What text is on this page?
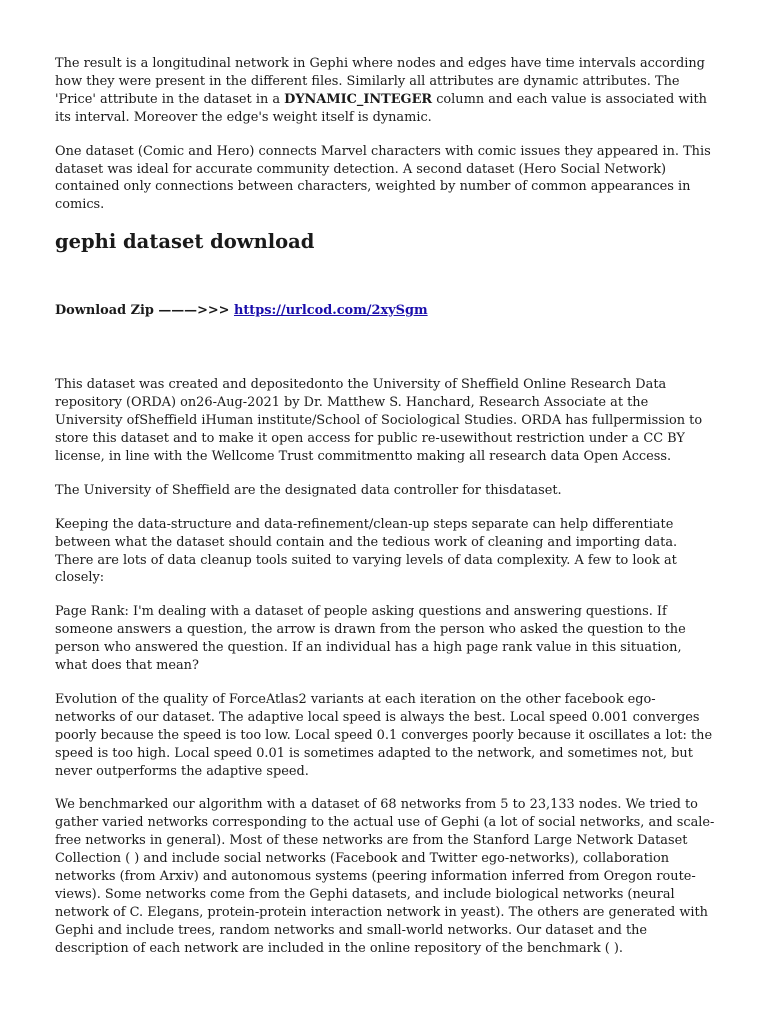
The result is a longitudinal network in Gephi where nodes and edges have time intervals according how they were present in the different files. Similarly all attributes are dynamic attributes. The 'Price' attribute in the dataset in a DYNAMIC_INTEGER column and each value is associated with its interval. Moreover the edge's weight itself is dynamic.

One dataset (Comic and Hero) connects Marvel characters with comic issues they appeared in. This dataset was ideal for accurate community detection. A second dataset (Hero Social Network) contained only connections between characters, weighted by number of common appearances in comics.

gephi dataset download
Download Zip ———>>> https://urlcod.com/2xySgm

This dataset was created and depositedonto the University of Sheffield Online Research Data repository (ORDA) on26-Aug-2021 by Dr. Matthew S. Hanchard, Research Associate at the University ofSheffield iHuman institute/School of Sociological Studies. ORDA has fullpermission to store this dataset and to make it open access for public re-usewithout restriction under a CC BY license, in line with the Wellcome Trust commitmentto making all research data Open Access.

The University of Sheffield are the designated data controller for thisdataset.

Keeping the data-structure and data-refinement/clean-up steps separate can help differentiate between what the dataset should contain and the tedious work of cleaning and importing data. There are lots of data cleanup tools suited to varying levels of data complexity. A few to look at closely:

Page Rank: I'm dealing with a dataset of people asking questions and answering questions. If someone answers a question, the arrow is drawn from the person who asked the question to the person who answered the question. If an individual has a high page rank value in this situation, what does that mean?

Evolution of the quality of ForceAtlas2 variants at each iteration on the other facebook ego-networks of our dataset. The adaptive local speed is always the best. Local speed 0.001 converges poorly because the speed is too low. Local speed 0.1 converges poorly because it oscillates a lot: the speed is too high. Local speed 0.01 is sometimes adapted to the network, and sometimes not, but never outperforms the adaptive speed.

We benchmarked our algorithm with a dataset of 68 networks from 5 to 23,133 nodes. We tried to gather varied networks corresponding to the actual use of Gephi (a lot of social networks, and scale-free networks in general). Most of these networks are from the Stanford Large Network Dataset Collection ( ) and include social networks (Facebook and Twitter ego-networks), collaboration networks (from Arxiv) and autonomous systems (peering information inferred from Oregon route-views). Some networks come from the Gephi datasets, and include biological networks (neural network of C. Elegans, protein-protein interaction network in yeast). The others are generated with Gephi and include trees, random networks and small-world networks. Our dataset and the description of each network are included in the online repository of the benchmark ( ).
